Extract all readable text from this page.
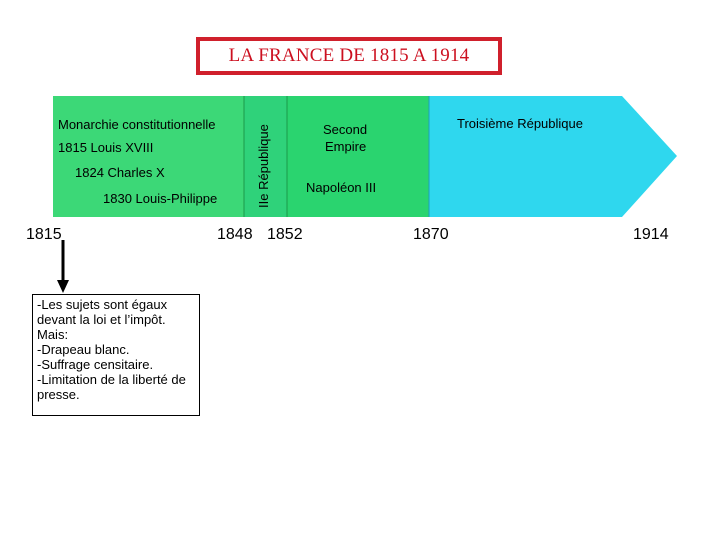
LA FRANCE DE 1815 A 1914
Monarchie constitutionnelle
1815 Louis XVIII
1824 Charles X
1830 Louis-Philippe	IIe République	Second
Empire
Napoléon III
Troisième République
1815	1848 1852	1870	1914
-Les sujets sont égaux devant la loi et l’impôt.
Mais:
-Drapeau blanc.
-Suffrage censitaire.
-Limitation de la liberté de presse.
